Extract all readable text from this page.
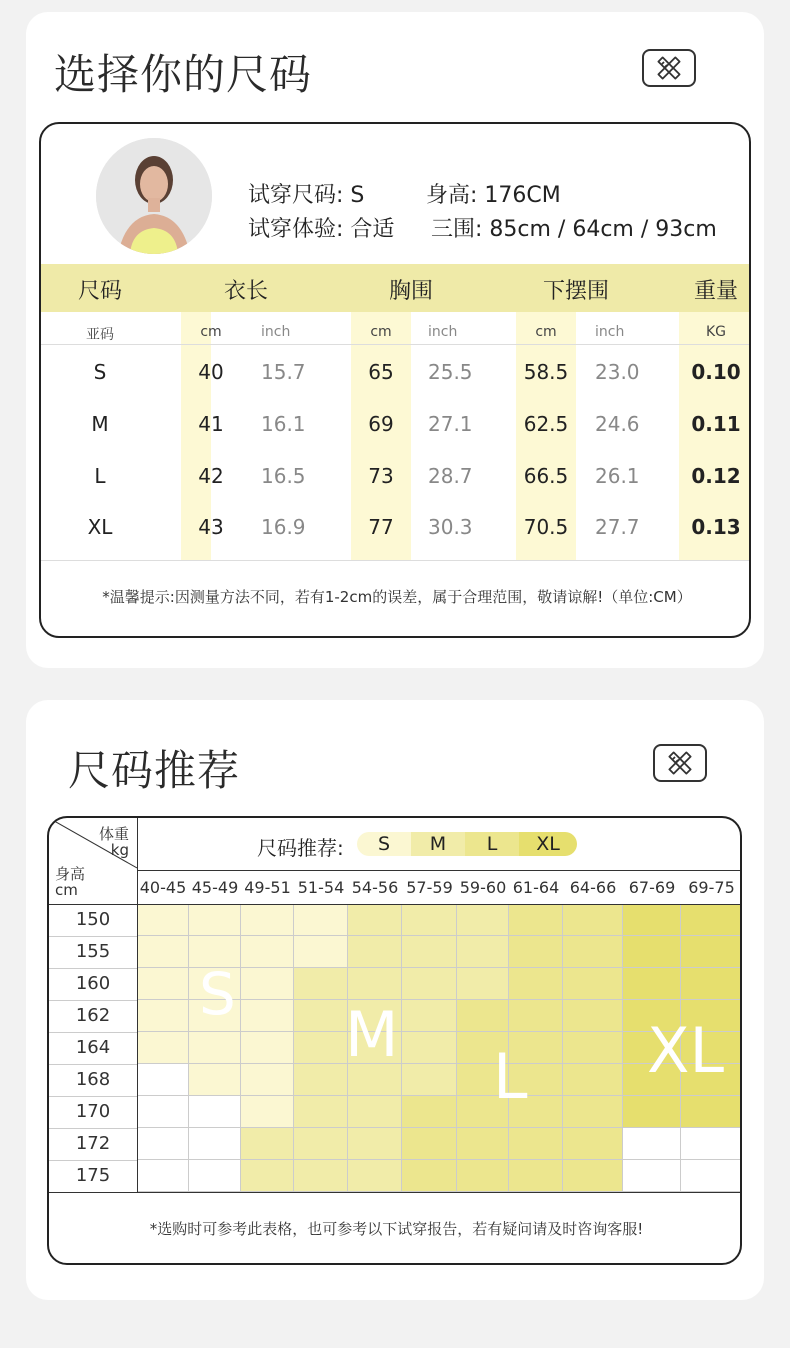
选择你的尺码
试穿尺码: S	身高: 176CM
试穿体验: 合适 三围: 85cm / 64cm / 93cm
尺码	衣长	胸围	下摆围	重量
亚码	cm	inch	cm	inch	cm	inch	KG
S	40	15.7	65	25.5	58.5	23.0	0.10
M	41	16.1	69	27.1	62.5	24.6	0.11
L	42	16.5	73	28.7	66.5	26.1	0.12
XL	43	16.9	77	30.3	70.5	27.7	0.13
*温馨提示:因测量方法不同，若有1-2cm的误差，属于合理范围，敬请谅解!（单位:CM）
尺码推荐
体重
kg
身高
cm
尺码推荐:	S	M	L	XL
40-45 45-49 49-51 51-54 54-56 57-59 59-60 61-64 64-66 67-69 69-75
150
155
160
162
164
168
170
172
175
S
M
L XL
*选购时可参考此表格，也可参考以下试穿报告，若有疑问请及时咨询客服!
